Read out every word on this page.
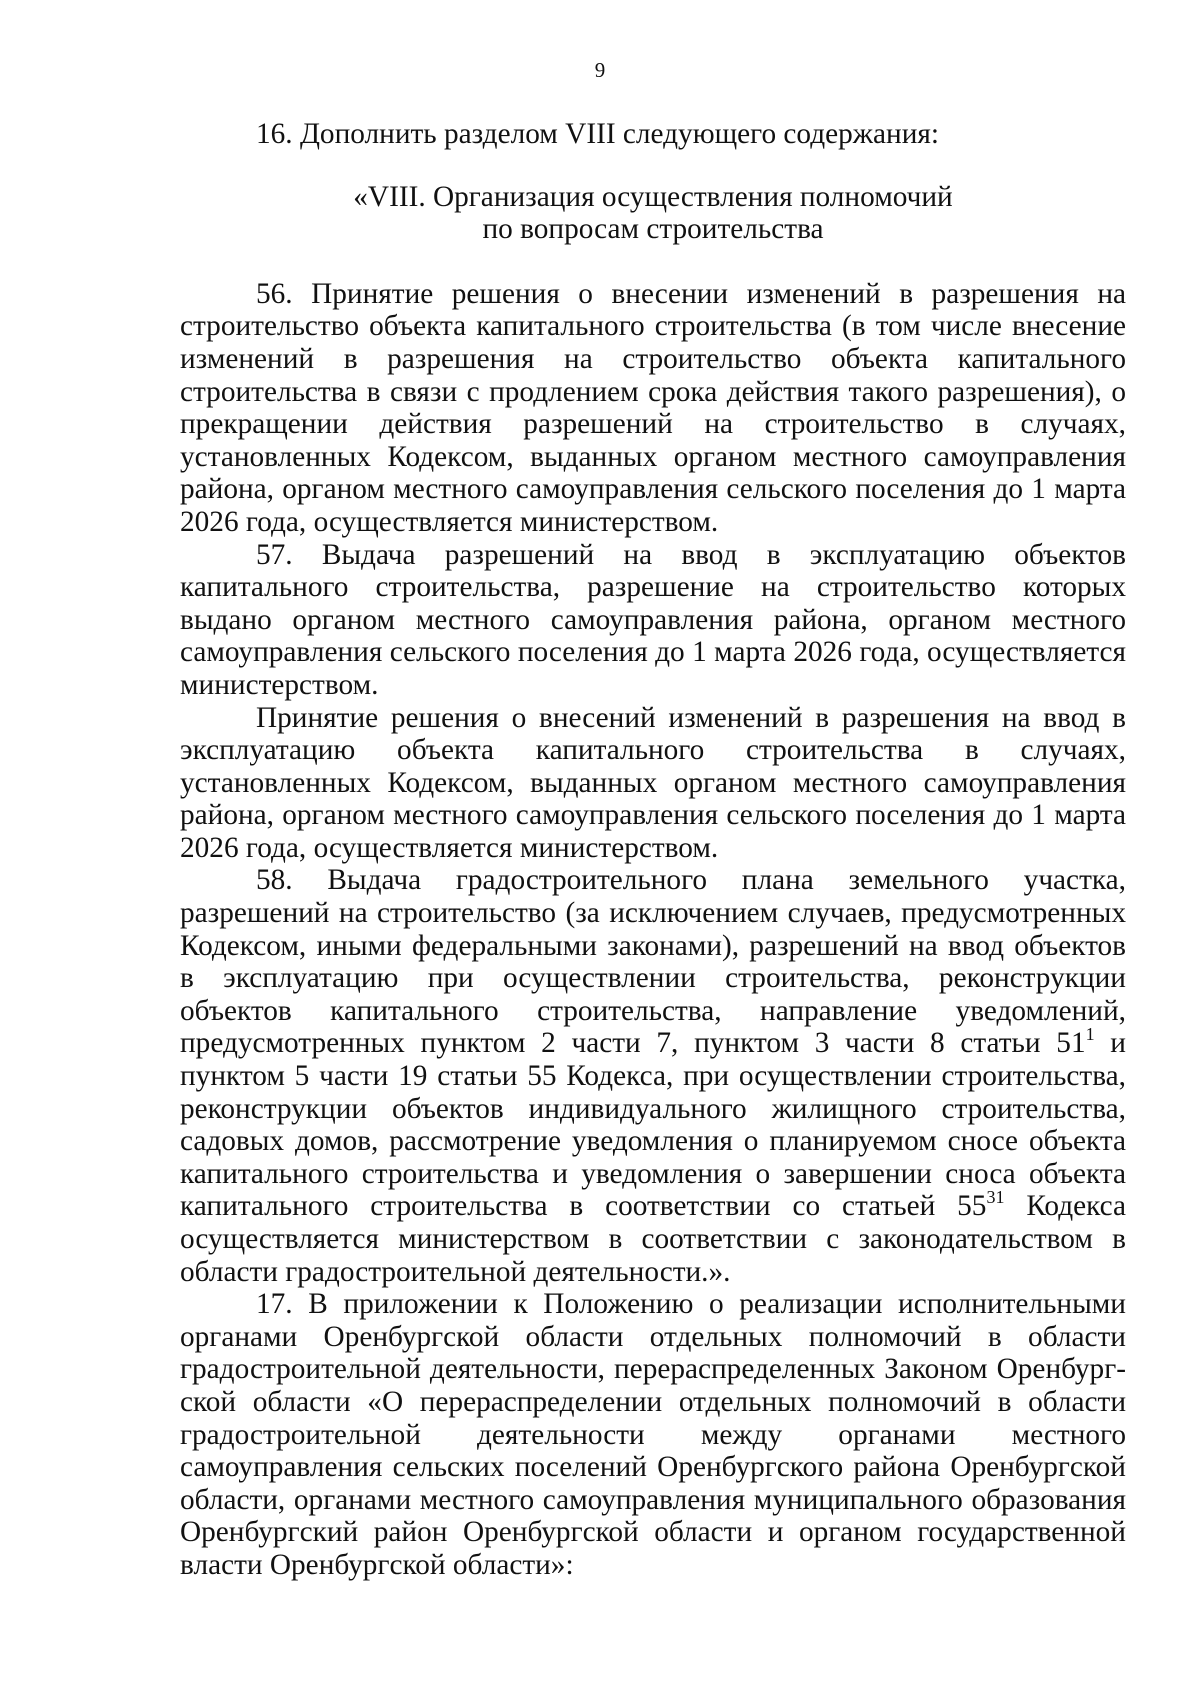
9

16. Дополнить разделом VIII следующего содержания:

«VIII. Организация осуществления полномочий
по вопросам строительства

56. Принятие решения о внесении изменений в разрешения на строительство объекта капитального строительства (в том числе внесение изменений в разрешения на строительство объекта капитального строительства в связи с продлением срока действия такого разрешения), о прекращении действия разрешений на строительство в случаях, установленных Кодексом, выданных органом местного самоуправления района, органом местного самоуправления сельского поселения до 1 марта 2026 года, осуществляется министерством.

57. Выдача разрешений на ввод в эксплуатацию объектов капитального строительства, разрешение на строительство которых выдано органом местного самоуправления района, органом местного самоуправления сельского поселения до 1 марта 2026 года, осуществляется министерством.

Принятие решения о внесений изменений в разрешения на ввод в эксплуатацию объекта капитального строительства в случаях, установленных Кодексом, выданных органом местного самоуправления района, органом местного самоуправления сельского поселения до 1 марта 2026 года, осуществляется министерством.

58. Выдача градостроительного плана земельного участка, разрешений на строительство (за исключением случаев, предусмотренных Кодексом, иными федеральными законами), разрешений на ввод объектов в эксплуатацию при осуществлении строительства, реконструкции объектов капитального строительства, направление уведомлений, предусмотренных пунктом 2 части 7, пунктом 3 части 8 статьи $51^1$ и пунктом 5 части 19 статьи 55 Кодекса, при осуществлении строительства, реконструкции объектов индивидуального жилищного строительства, садовых домов, рассмотрение уведомления о планируемом сносе объекта капитального строительства и уведомления о завершении сноса объекта капитального строительства в соответствии со статьей $55^{31}$ Кодекса осуществляется министерством в соответствии с законодательством в области градостроительной деятельности.».

17. В приложении к Положению о реализации исполнительными органами Оренбургской области отдельных полномочий в области градостроительной деятельности, перераспределенных Законом Оренбургской области «О перераспределении отдельных полномочий в области градостроительной деятельности между органами местного самоуправления сельских поселений Оренбургского района Оренбургской области, органами местного самоуправления муниципального образования Оренбургский район Оренбургской области и органом государственной власти Оренбургской области»:
